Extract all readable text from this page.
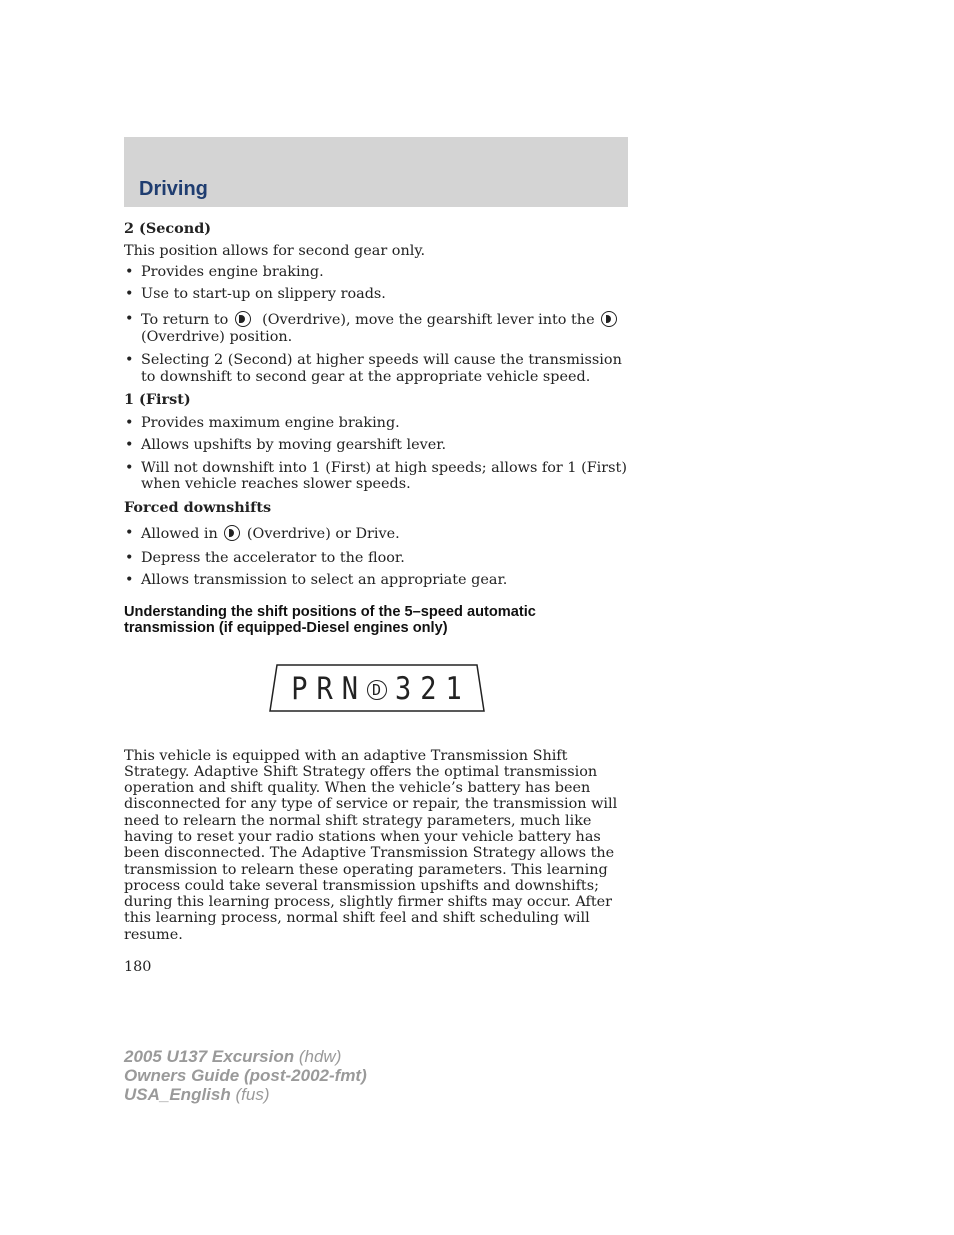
Driving

2 (Second)

This position allows for second gear only.

• Provides engine braking.
• Use to start-up on slippery roads.
• To return to (Overdrive), move the gearshift lever into the
(Overdrive) position.
• Selecting 2 (Second) at higher speeds will cause the transmission to downshift to second gear at the appropriate vehicle speed.

1 (First)

• Provides maximum engine braking.
• Allows upshifts by moving gearshift lever.
• Will not downshift into 1 (First) at high speeds; allows for 1 (First) when vehicle reaches slower speeds.

Forced downshifts

• Allowed in (Overdrive) or Drive.
• Depress the accelerator to the floor.
• Allows transmission to select an appropriate gear.
Understanding the shift positions of the 5–speed automatic transmission (if equipped-Diesel engines only)
P R N D 3 2 1

This vehicle is equipped with an adaptive Transmission Shift Strategy. Adaptive Shift Strategy offers the optimal transmission operation and shift quality. When the vehicle’s battery has been disconnected for any type of service or repair, the transmission will need to relearn the normal shift strategy parameters, much like having to reset your radio stations when your vehicle battery has been disconnected. The Adaptive Transmission Strategy allows the transmission to relearn these operating parameters. This learning process could take several transmission upshifts and downshifts; during this learning process, slightly firmer shifts may occur. After this learning process, normal shift feel and shift scheduling will resume.

180

2005 U137 Excursion (hdw)
Owners Guide (post-2002-fmt)
USA_English (fus)
